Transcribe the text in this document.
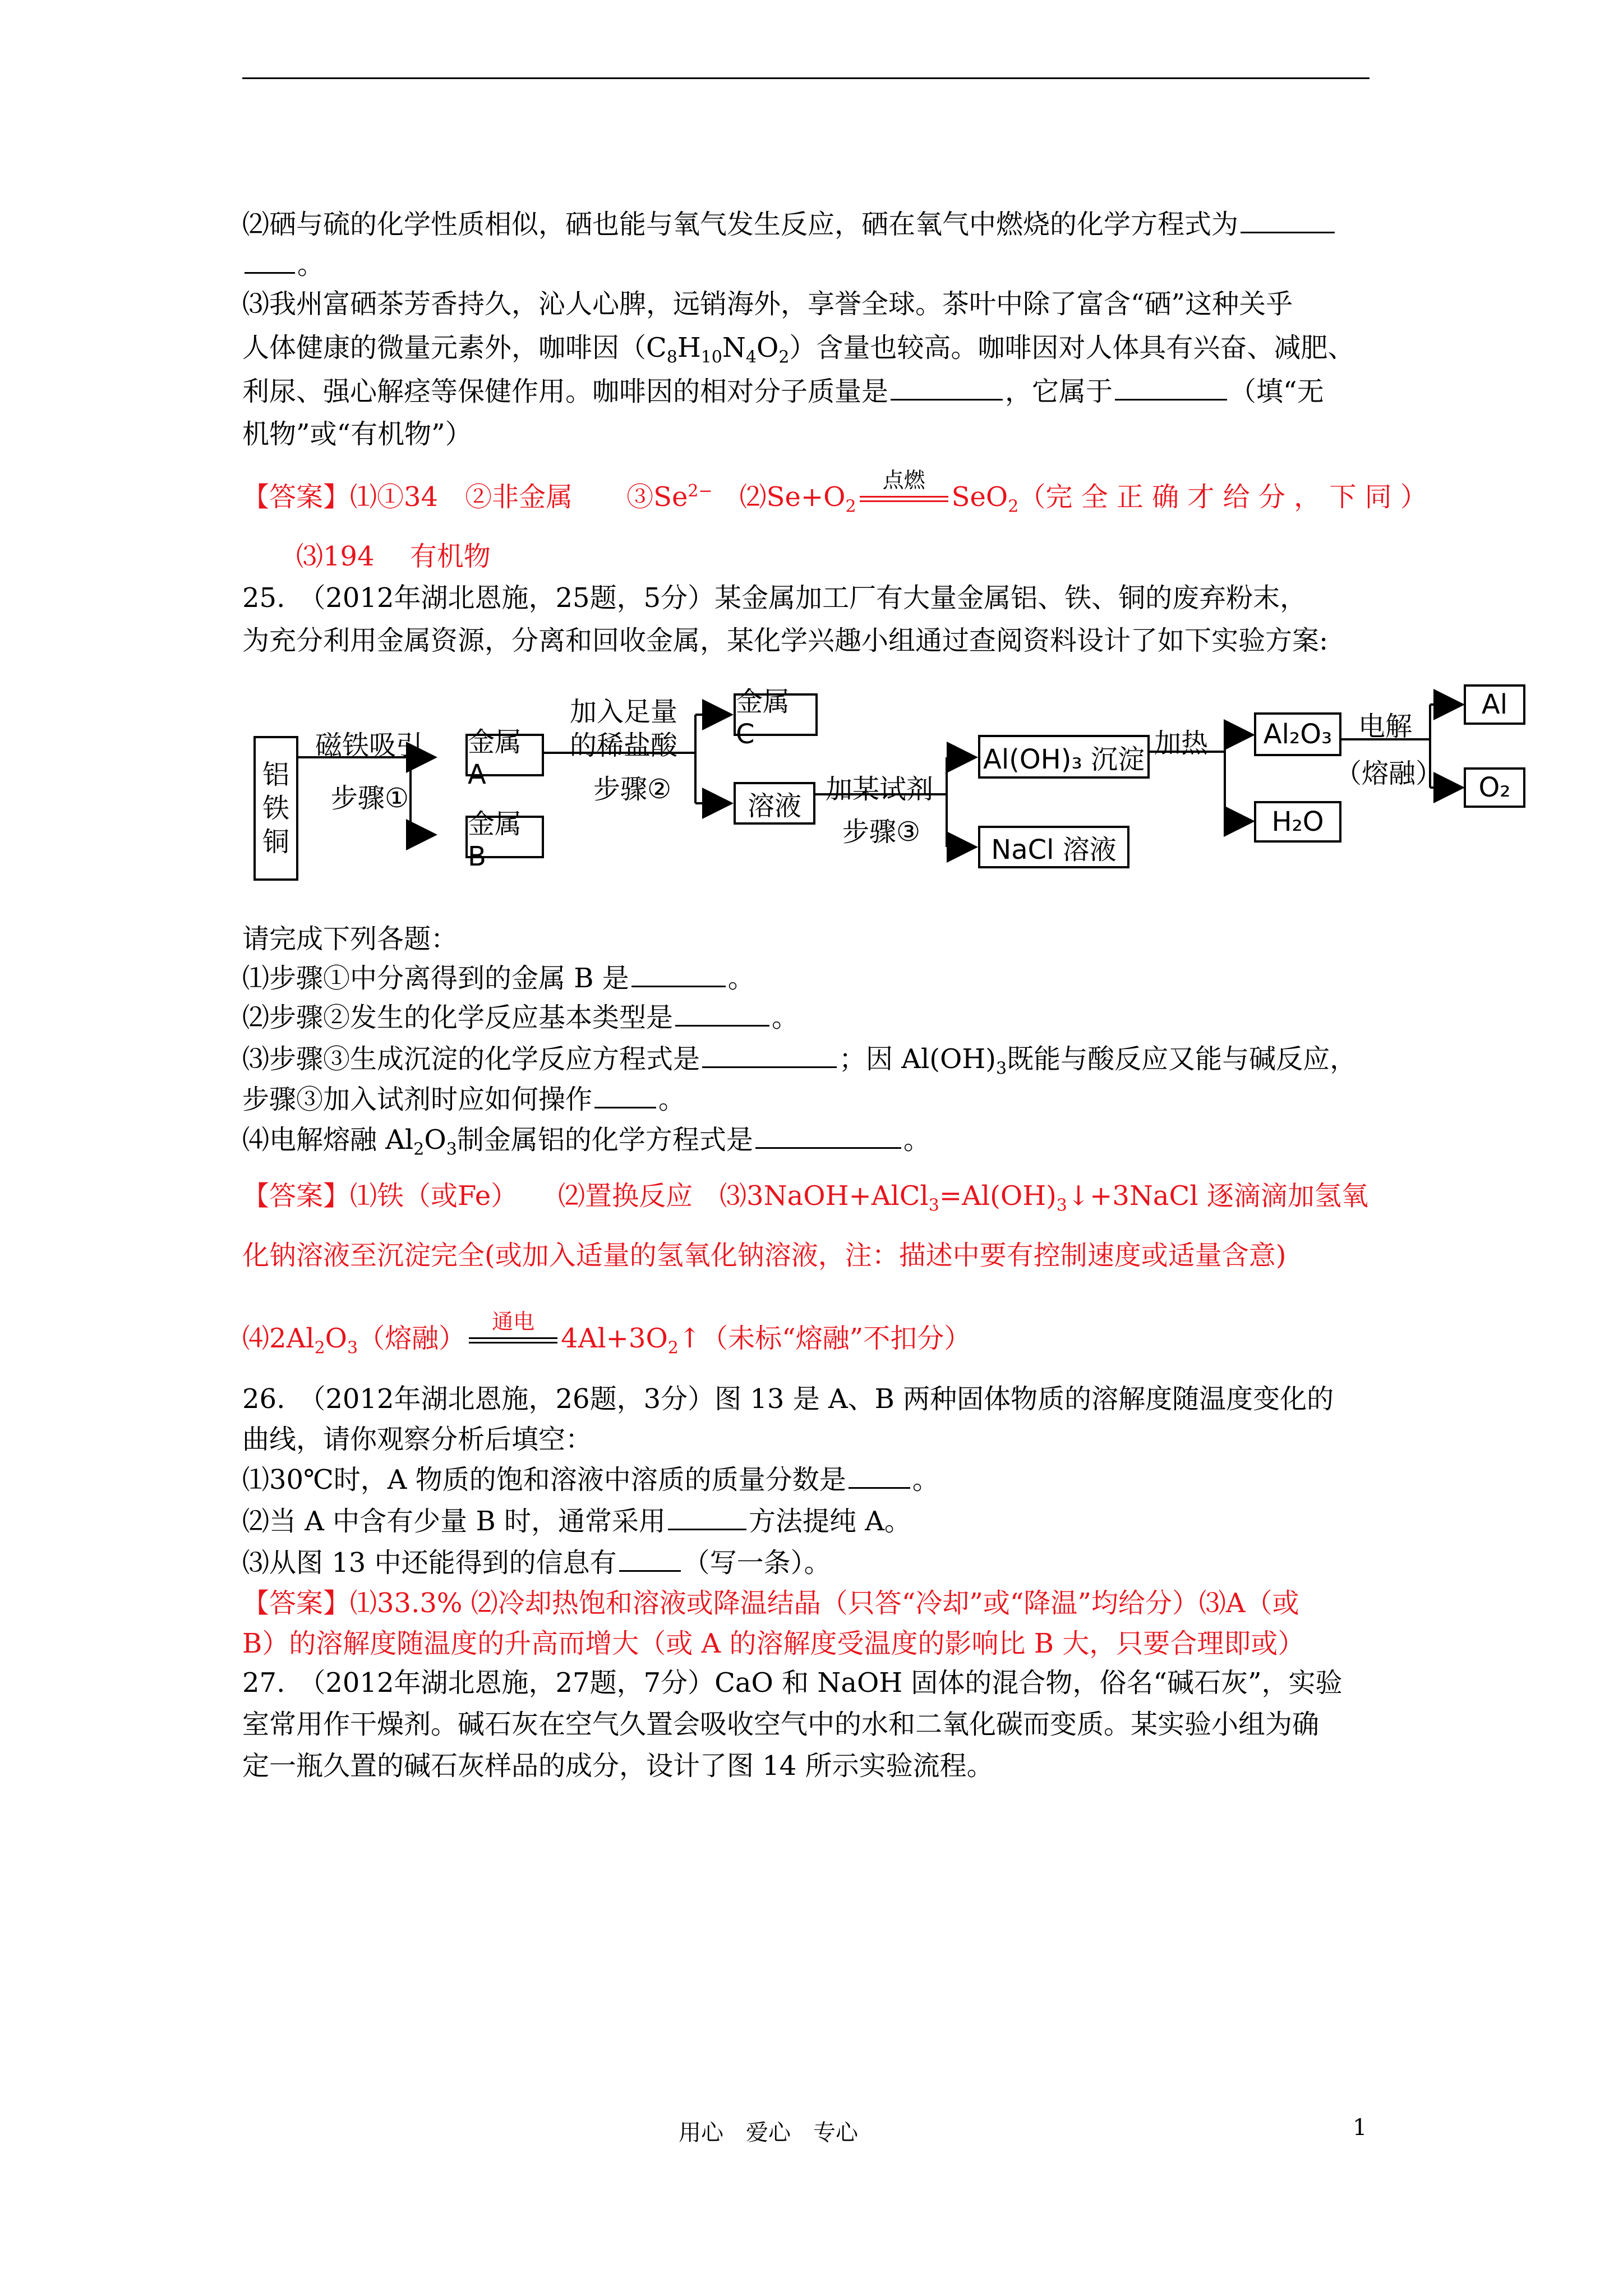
⑵硒与硫的化学性质相似，硒也能与氧气发生反应，硒在氧气中燃烧的化学方程式为
。
⑶我州富硒茶芳香持久，沁人心脾，远销海外，享誉全球。茶叶中除了富含“硒”这种关乎
人体健康的微量元素外，咖啡因$(C_8H_{10}N_4O_2)$含量也较高。咖啡因对人体具有兴奋、减肥、
利尿、强心解痉等保健作用。咖啡因的相对分子质量是	，它属于	（填“无
机物”或“有机物”）
【答案】⑴①34　②非金属　　$③Se^{2-}$　$⑵Se+O_2$
点燃
SeO$_2$（完 全 正 确 才 给 分 ， 下 同 ）
⑶194　 有机物
25.　（2012年湖北恩施，25题，5分）某金属加工厂有大量金属铝、铁、铜的废弃粉末，
为充分利用金属资源，分离和回收金属，某化学兴趣小组通过查阅资料设计了如下实验方案:
铝铁铜
磁铁吸引
步骤①
金属 A
金属 B
加入足量
的稀盐酸
步骤②
金属 C
溶液
加某试剂
步骤③
Al(OH)₃ 沉淀
NaCl 溶液
加热	Al₂O₃
H₂O
电解
（熔融）
Al
O₂
请完成下列各题：
⑴步骤①中分离得到的金属 B 是	。
⑵步骤②发生的化学反应基本类型是	。
⑶步骤③生成沉淀的化学反应方程式是	；因 $Al(OH)_3$既能与酸反应又能与碱反应，
步骤③加入试剂时应如何操作 。
⑷电解熔融 $Al_2O_3$制金属铝的化学方程式是	。
【答案】⑴铁（或Fe）　　⑵置换反应　$⑶3NaOH+AlCl_3=Al(OH)_3↓+3NaCl$ 逐滴滴加氢氧
化钠溶液至沉淀完全(或加入适量的氢氧化钠溶液，注：描述中要有控制速度或适量含意)
$⑷2Al_2O_3$（熔融）
通电
$4Al+3O_2↑$（未标“熔融”不扣分）
26.　（2012年湖北恩施，26题，3分）图 13 是 A、B 两种固体物质的溶解度随温度变化的
曲线，请你观察分析后填空：
⑴30℃时，A 物质的饱和溶液中溶质的质量分数是 。
⑵当 A 中含有少量 B 时，通常采用	方法提纯 A。
⑶从图 13 中还能得到的信息有 （写一条）。
【答案】⑴33.3% ⑵冷却热饱和溶液或降温结晶（只答“冷却”或“降温”均给分）⑶A（或
B）的溶解度随温度的升高而增大（或 A 的溶解度受温度的影响比 B 大，只要合理即或）
27.　（2012年湖北恩施，27题，7分）CaO 和 NaOH 固体的混合物，俗名“碱石灰”，实验
室常用作干燥剂。碱石灰在空气久置会吸收空气中的水和二氧化碳而变质。某实验小组为确
定一瓶久置的碱石灰样品的成分，设计了图 14 所示实验流程。
用心　爱心　专心	1
